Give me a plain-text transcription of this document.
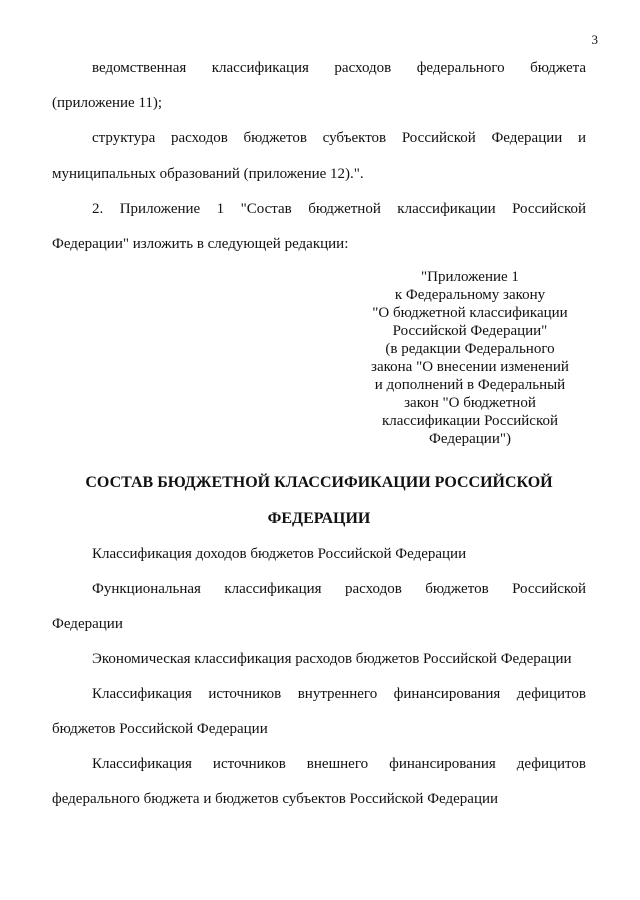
3
ведомственная классификация расходов федерального бюджета
(приложение 11);
структура расходов бюджетов субъектов Российской Федерации и
муниципальных образований (приложение 12).".
2. Приложение 1 "Состав бюджетной классификации Российской
Федерации" изложить в следующей редакции:
"Приложение 1
к Федеральному закону
"О бюджетной классификации
Российской Федерации"
(в редакции Федерального
закона "О внесении изменений
и дополнений в Федеральный
закон "О бюджетной
классификации Российской
Федерации")
СОСТАВ БЮДЖЕТНОЙ КЛАССИФИКАЦИИ РОССИЙСКОЙ
ФЕДЕРАЦИИ
Классификация доходов бюджетов Российской Федерации
Функциональная классификация расходов бюджетов Российской
Федерации
Экономическая классификация расходов бюджетов Российской Федерации
Классификация источников внутреннего финансирования дефицитов
бюджетов Российской Федерации
Классификация источников внешнего финансирования дефицитов
федерального бюджета и бюджетов субъектов Российской Федерации
